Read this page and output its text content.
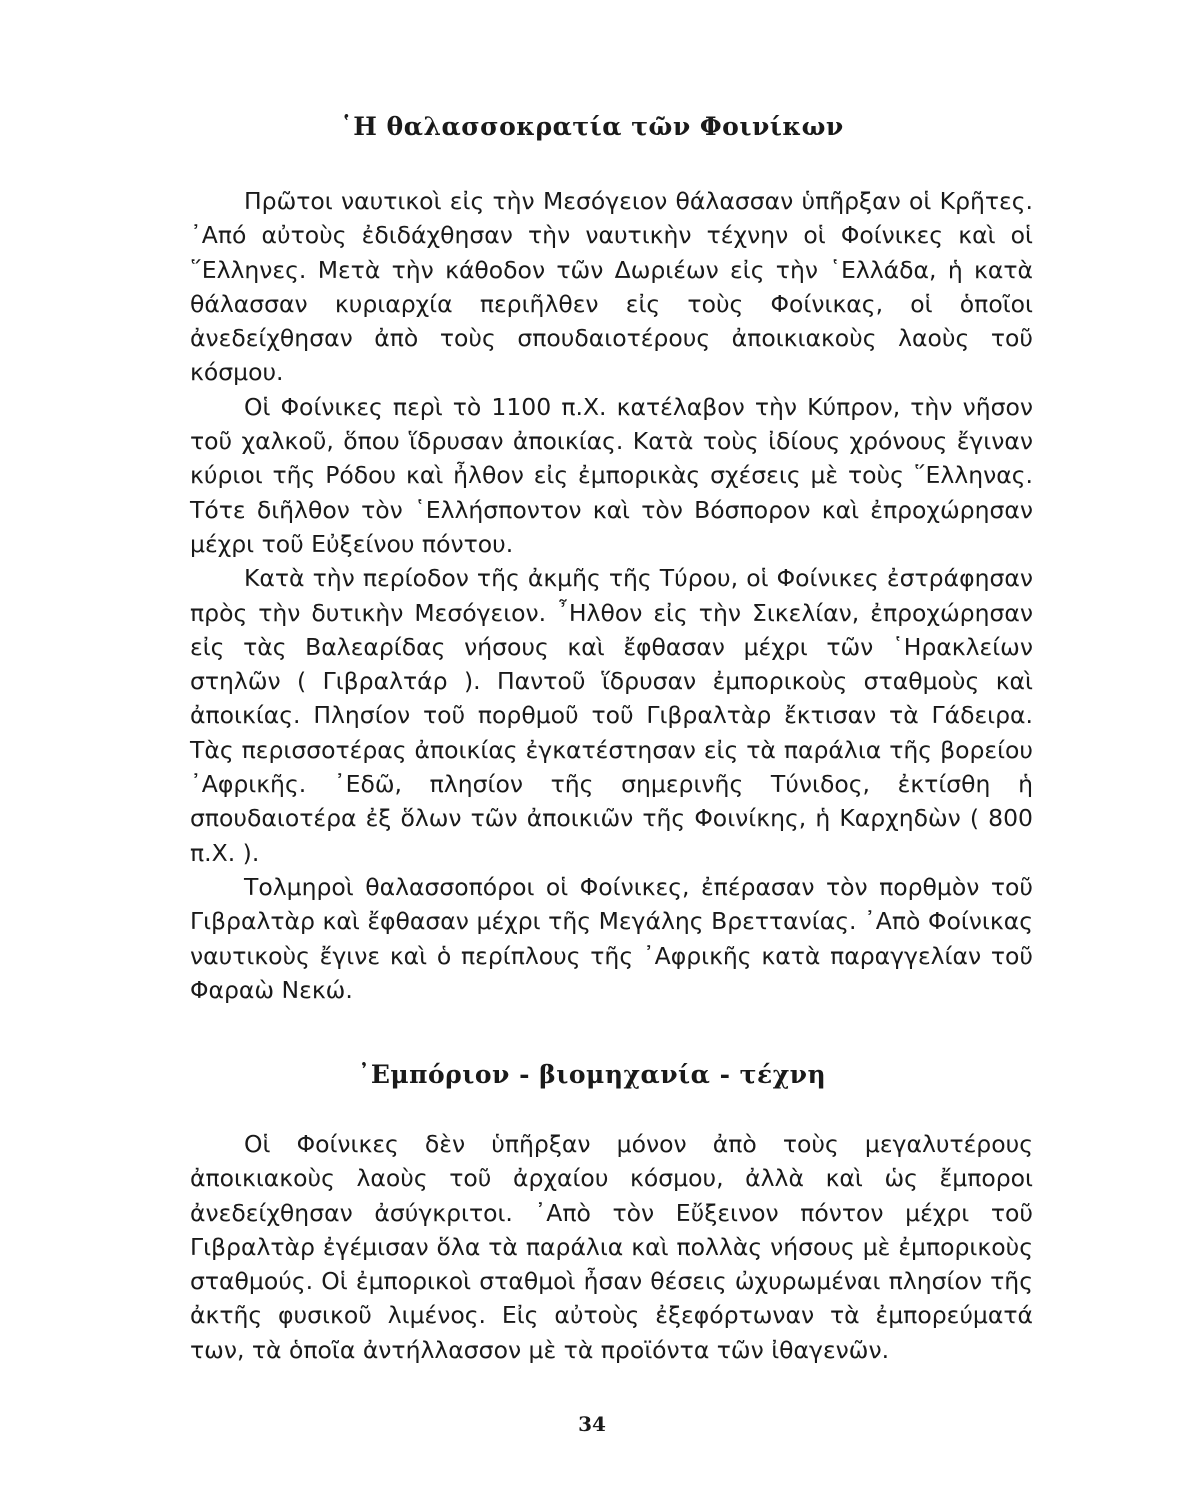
῾Η θαλασσοκρατία τῶν Φοινίκων

Πρῶτοι ναυτικοὶ εἰς τὴν Μεσόγειον θάλασσαν ὑπῆρξαν οἱ Κρῆτες. ᾽Από αὐτοὺς ἐδιδάχθησαν τὴν ναυτικὴν τέχνην οἱ Φοίνικες καὶ οἱ ῞Ελληνες. Μετὰ τὴν κάθοδον τῶν Δωριέων εἰς τὴν ῾Ελλάδα, ἡ κατὰ θάλασσαν κυριαρχία περιῆλθεν εἰς τοὺς Φοίνικας, οἱ ὁποῖοι ἀνεδείχθησαν ἀπὸ τοὺς σπουδαιοτέρους ἀποικιακοὺς λαοὺς τοῦ κόσμου.

Οἱ Φοίνικες περὶ τὸ 1100 π.Χ. κατέλαβον τὴν Κύπρον, τὴν νῆσον τοῦ χαλκοῦ, ὅπου ἵδρυσαν ἀποικίας. Κατὰ τοὺς ἰδίους χρόνους ἔγιναν κύριοι τῆς Ρόδου καὶ ἦλθον εἰς ἐμπορικὰς σχέσεις μὲ τοὺς ῞Ελληνας. Τότε διῆλθον τὸν ῾Ελλήσποντον καὶ τὸν Βόσπορον καὶ ἐπροχώρησαν μέχρι τοῦ Εὐξείνου πόντου.

Κατὰ τὴν περίοδον τῆς ἀκμῆς τῆς Τύρου, οἱ Φοίνικες ἐστράφησαν πρὸς τὴν δυτικὴν Μεσόγειον. ῏Ηλθον εἰς τὴν Σικελίαν, ἐπροχώρησαν εἰς τὰς Βαλεαρίδας νήσους καὶ ἔφθασαν μέχρι τῶν ῾Ηρακλείων στηλῶν ( Γιβραλτάρ ). Παντοῦ ἵδρυσαν ἐμπορικοὺς σταθμοὺς καὶ ἀποικίας. Πλησίον τοῦ πορθμοῦ τοῦ Γιβραλτὰρ ἔκτισαν τὰ Γάδειρα. Τὰς περισσοτέρας ἀποικίας ἐγκατέστησαν εἰς τὰ παράλια τῆς βορείου ᾽Αφρικῆς. ᾽Εδῶ, πλησίον τῆς σημερινῆς Τύνιδος, ἐκτίσθη ἡ σπουδαιοτέρα ἐξ ὅλων τῶν ἀποικιῶν τῆς Φοινίκης, ἡ Καρχηδὼν ( 800 π.Χ. ).

Τολμηροὶ θαλασσοπόροι οἱ Φοίνικες, ἐπέρασαν τὸν πορθμὸν τοῦ Γιβραλτὰρ καὶ ἔφθασαν μέχρι τῆς Μεγάλης Βρεττανίας. ᾽Απὸ Φοίνικας ναυτικοὺς ἔγινε καὶ ὁ περίπλους τῆς ᾽Αφρικῆς κατὰ παραγγελίαν τοῦ Φαραὼ Νεκώ.

᾽Εμπόριον - βιομηχανία - τέχνη

Οἱ Φοίνικες δὲν ὑπῆρξαν μόνον ἀπὸ τοὺς μεγαλυτέρους ἀποικιακοὺς λαοὺς τοῦ ἀρχαίου κόσμου, ἀλλὰ καὶ ὡς ἔμποροι ἀνεδείχθησαν ἀσύγκριτοι. ᾽Απὸ τὸν Εὔξεινον πόντον μέχρι τοῦ Γιβραλτὰρ ἐγέμισαν ὅλα τὰ παράλια καὶ πολλὰς νήσους μὲ ἐμπορικοὺς σταθμούς. Οἱ ἐμπορικοὶ σταθμοὶ ἦσαν θέσεις ὠχυρωμέναι πλησίον τῆς ἀκτῆς φυσικοῦ λιμένος. Εἰς αὐτοὺς ἐξεφόρτωναν τὰ ἐμπορεύματά των, τὰ ὁποῖα ἀντήλλασσον μὲ τὰ προϊόντα τῶν ἰθαγενῶν.

34
